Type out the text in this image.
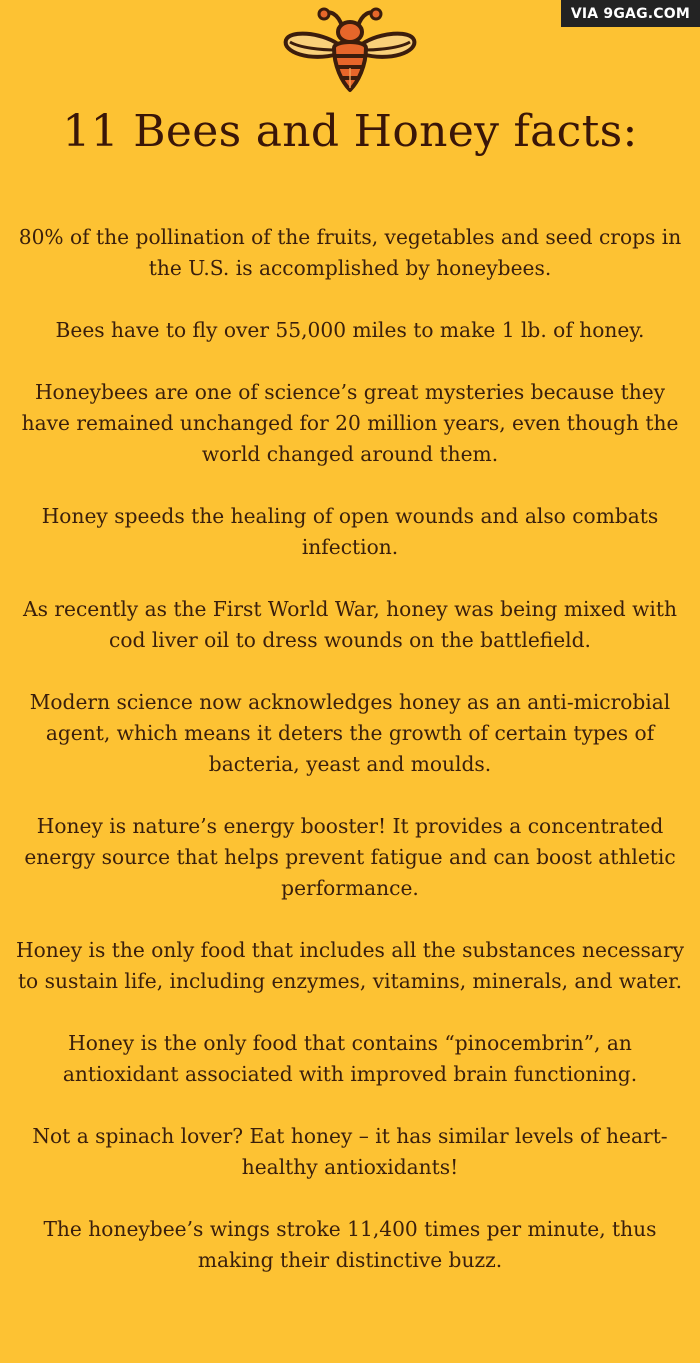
VIA 9GAG.COM
11 Bees and Honey facts:

80% of the pollination of the fruits, vegetables and seed crops in the U.S. is accomplished by honeybees.

Bees have to fly over 55,000 miles to make 1 lb. of honey.

Honeybees are one of science’s great mysteries because they have remained unchanged for 20 million years, even though the world changed around them.

Honey speeds the healing of open wounds and also combats infection.

As recently as the First World War, honey was being mixed with cod liver oil to dress wounds on the battlefield.

Modern science now acknowledges honey as an anti-microbial agent, which means it deters the growth of certain types of bacteria, yeast and moulds.

Honey is nature’s energy booster! It provides a concentrated energy source that helps prevent fatigue and can boost athletic performance.

Honey is the only food that includes all the substances necessary to sustain life, including enzymes, vitamins, minerals, and water.

Honey is the only food that contains “pinocembrin”, an antioxidant associated with improved brain functioning.

Not a spinach lover? Eat honey – it has similar levels of heart-healthy antioxidants!

The honeybee’s wings stroke 11,400 times per minute, thus making their distinctive buzz.
